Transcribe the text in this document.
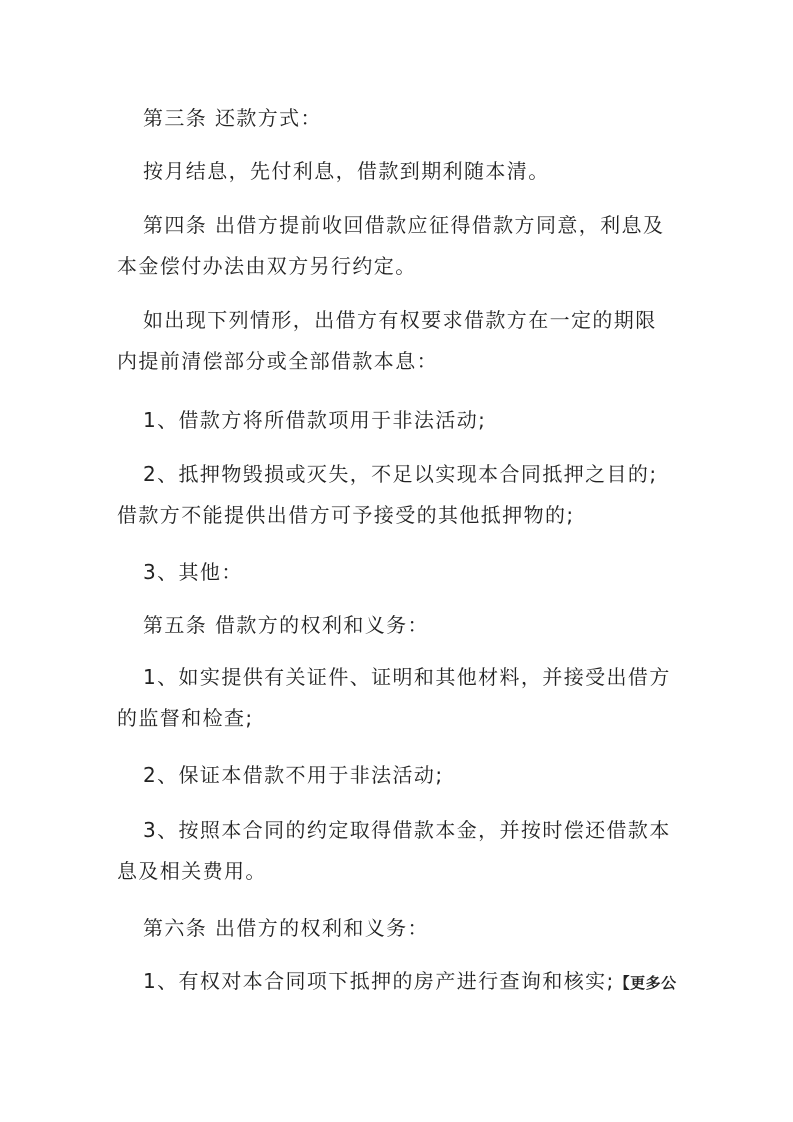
第三条 还款方式：

按月结息，先付利息，借款到期利随本清。

第四条 出借方提前收回借款应征得借款方同意，利息及本金偿付办法由双方另行约定。

如出现下列情形，出借方有权要求借款方在一定的期限内提前清偿部分或全部借款本息：

1、借款方将所借款项用于非法活动;

2、抵押物毁损或灭失，不足以实现本合同抵押之目的;借款方不能提供出借方可予接受的其他抵押物的;

3、其他：

第五条 借款方的权利和义务：

1、如实提供有关证件、证明和其他材料，并接受出借方的监督和检查;

2、保证本借款不用于非法活动;

3、按照本合同的约定取得借款本金，并按时偿还借款本息及相关费用。

第六条 出借方的权利和义务：

1、有权对本合同项下抵押的房产进行查询和核实;【更多公
